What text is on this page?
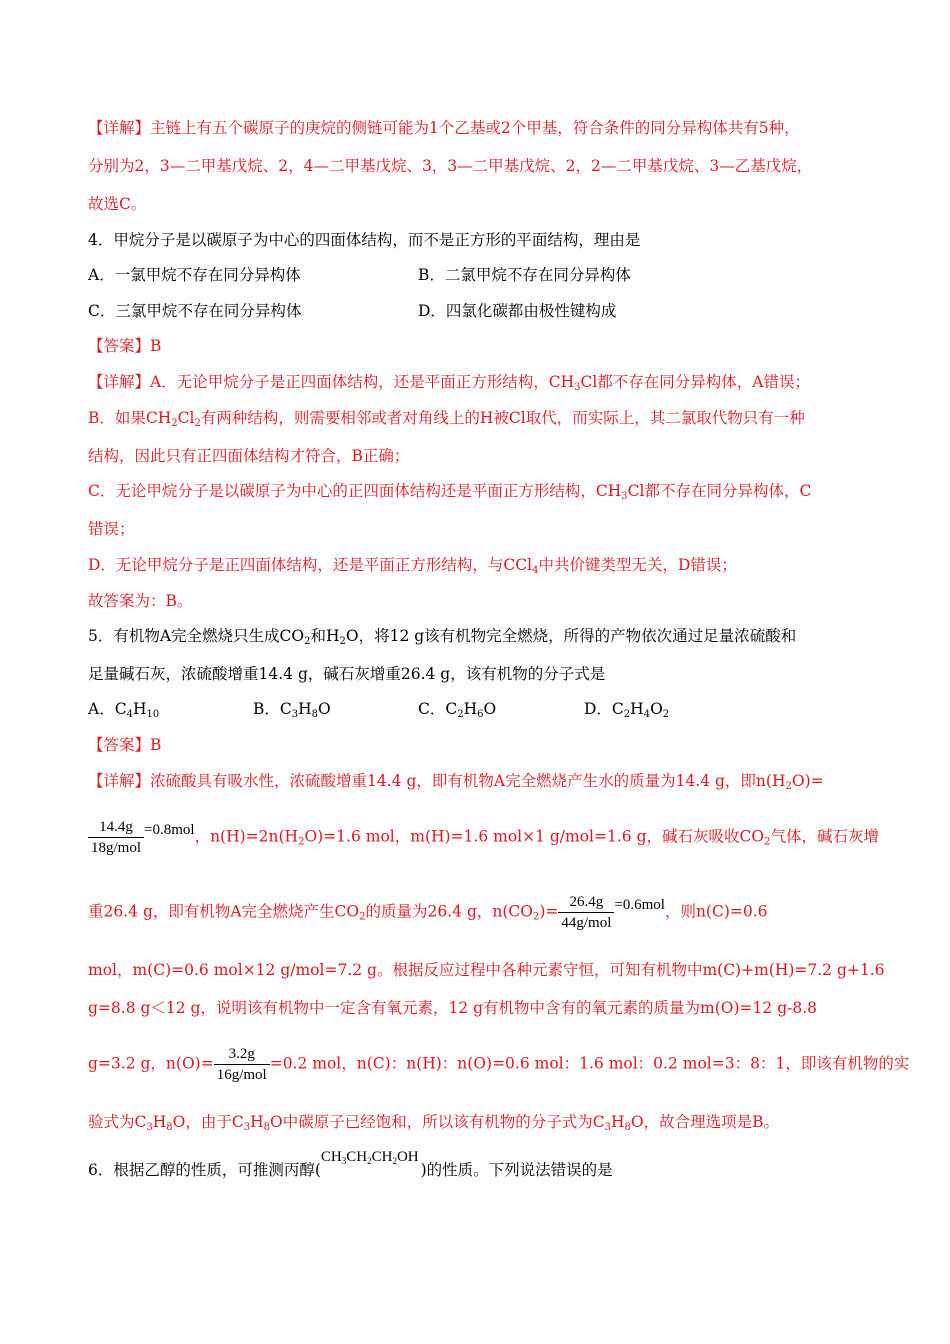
【详解】主链上有五个碳原子的庚烷的侧链可能为1个乙基或2个甲基，符合条件的同分异构体共有5种，
分别为2，3—二甲基戊烷、2，4—二甲基戊烷、3，3—二甲基戊烷、2，2—二甲基戊烷、3—乙基戊烷，
故选C。
4．甲烷分子是以碳原子为中心的四面体结构，而不是正方形的平面结构，理由是
A．一氯甲烷不存在同分异构体	B．二氯甲烷不存在同分异构体
C．三氯甲烷不存在同分异构体	D．四氯化碳都由极性键构成
【答案】B
【详解】A．无论甲烷分子是正四面体结构，还是平面正方形结构，$CH_3Cl$都不存在同分异构体，A错误；
B．如果$CH_2Cl_2$有两种结构，则需要相邻或者对角线上的H被Cl取代，而实际上，其二氯取代物只有一种
结构，因此只有正四面体结构才符合，B正确；
C．无论甲烷分子是以碳原子为中心的正四面体结构还是平面正方形结构，$CH_3Cl$都不存在同分异构体，C
错误；
D．无论甲烷分子是正四面体结构，还是平面正方形结构，与CCl$_4$中共价键类型无关，D错误；
故答案为：B。
5．有机物A完全燃烧只生成$CO_2$和$H_2O$，将12 g该有机物完全燃烧，所得的产物依次通过足量浓硫酸和
足量碱石灰，浓硫酸增重14.4 g，碱石灰增重26.4 g，该有机物的分子式是
A．$C_4H_{10}$	B．$C_3H_8O$	C．$C_2H_6O$	D．$C_2H_4O_2$
【答案】B
【详解】浓硫酸具有吸水性，浓硫酸增重14.4 g，即有机物A完全燃烧产生水的质量为14.4 g，即$n(H_2O)=$
$\frac{14.4g}{\text{18g/mol}} =0.8mol$，$n(H)=2n(H_2O)=1.6$ mol，m(H)=1.6 mol×1 g/mol=1.6 g，碱石灰吸收$CO_2$气体，碱石灰增
重26.4 g，即有机物A完全燃烧产生$CO_2$的质量为26.4 g，$n(CO_2)= \frac{26.4g}{\text{44g/mol}} =0.6mol$，则n(C)=0.6
mol，m(C)=0.6 mol×12 g/mol=7.2 g。根据反应过程中各种元素守恒，可知有机物中m(C)+m(H)=7.2 g+1.6
g=8.8 g＜12 g，说明该有机物中一定含有氧元素，12 g有机物中含有的氧元素的质量为m(O)=12 g-8.8
g=3.2 g，$n(O)= \frac{3.2g}{\text{16g/mol}} =0.2$ mol，n(C)：n(H)：n(O)=0.6 mol：1.6 mol：0.2 mol=3：8：1，即该有机物的实
验式为$C_3H_8O$，由于$C_3H_8O$中碳原子已经饱和，所以该有机物的分子式为$C_3H_8O$，故合理选项是B。
6．根据乙醇的性质，可推测丙醇$(CH_3CH_2CH_2OH)$的性质。下列说法错误的是
